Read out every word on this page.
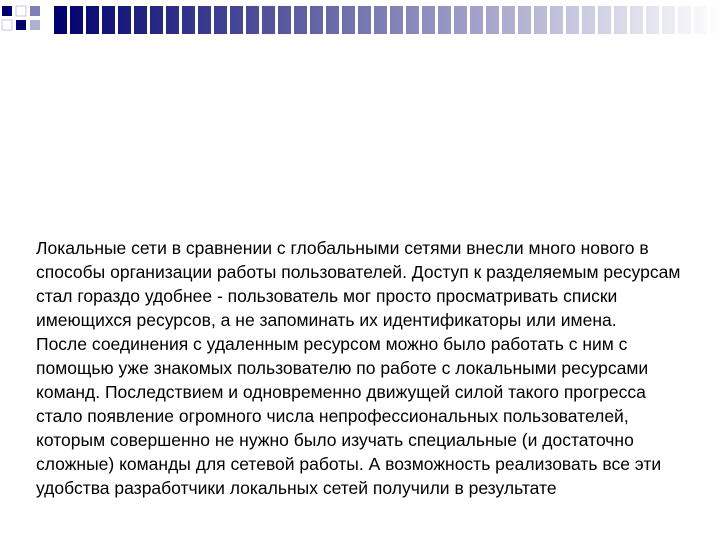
Локальные сети в сравнении с глобальными сетями внесли много нового в способы организации работы пользователей. Доступ к разделяемым ресурсам стал гораздо удобнее - пользователь мог просто просматривать списки имеющихся ресурсов, а не запоминать их идентификаторы или имена.

После соединения с удаленным ресурсом можно было работать с ним с помощью уже знакомых пользователю по работе с локальными ресурсами команд. Последствием и одновременно движущей силой такого прогресса стало появление огромного числа непрофессиональных пользователей, которым совершенно не нужно было изучать специальные (и достаточно сложные) команды для сетевой работы. А возможность реализовать все эти удобства разработчики локальных сетей получили в результате
